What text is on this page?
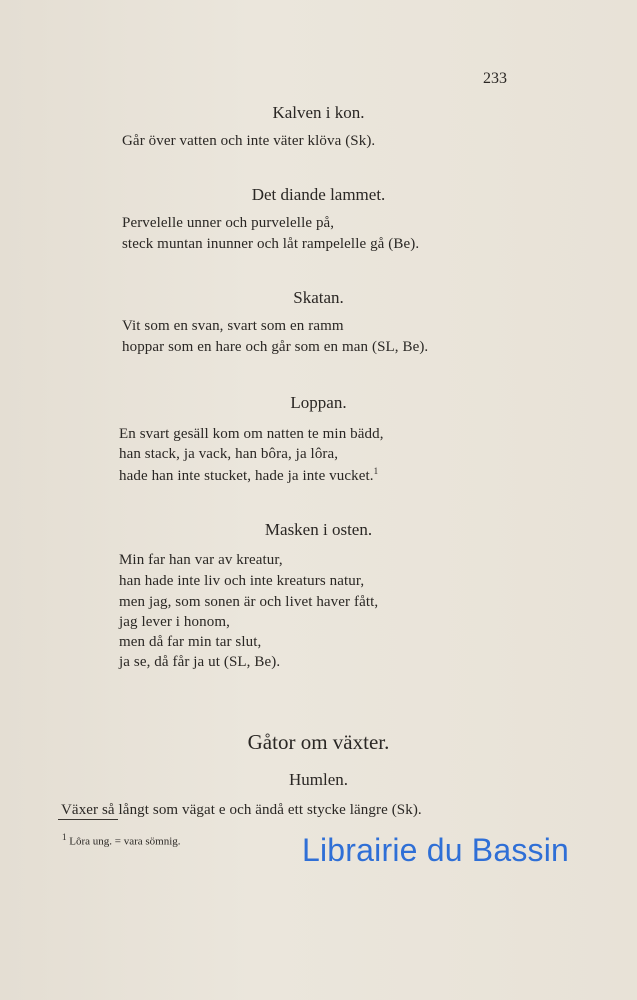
233
Kalven i kon.
Går över vatten och inte väter klöva (Sk).
Det diande lammet.
Pervelelle unner och purvelelle på,
steck muntan inunner och låt rampelelle gå (Be).
Skatan.
Vit som en svan, svart som en ramm
hoppar som en hare och går som en man (SL, Be).
Loppan.
En svart gesäll kom om natten te min bädd,
han stack, ja vack, han bôra, ja lôra,
hade han inte stucket, hade ja inte vucket.$^1$
Masken i osten.
Min far han var av kreatur,
han hade inte liv och inte kreaturs natur,
men jag, som sonen är och livet haver fått,
jag lever i honom,
men då far min tar slut,
ja se, då får ja ut (SL, Be).
Gåtor om växter.
Humlen.
Växer så långt som vägat e och ändå ett stycke längre (Sk).
$^1$ Lôra ung. = vara sömnig.	Librairie du Bassin
